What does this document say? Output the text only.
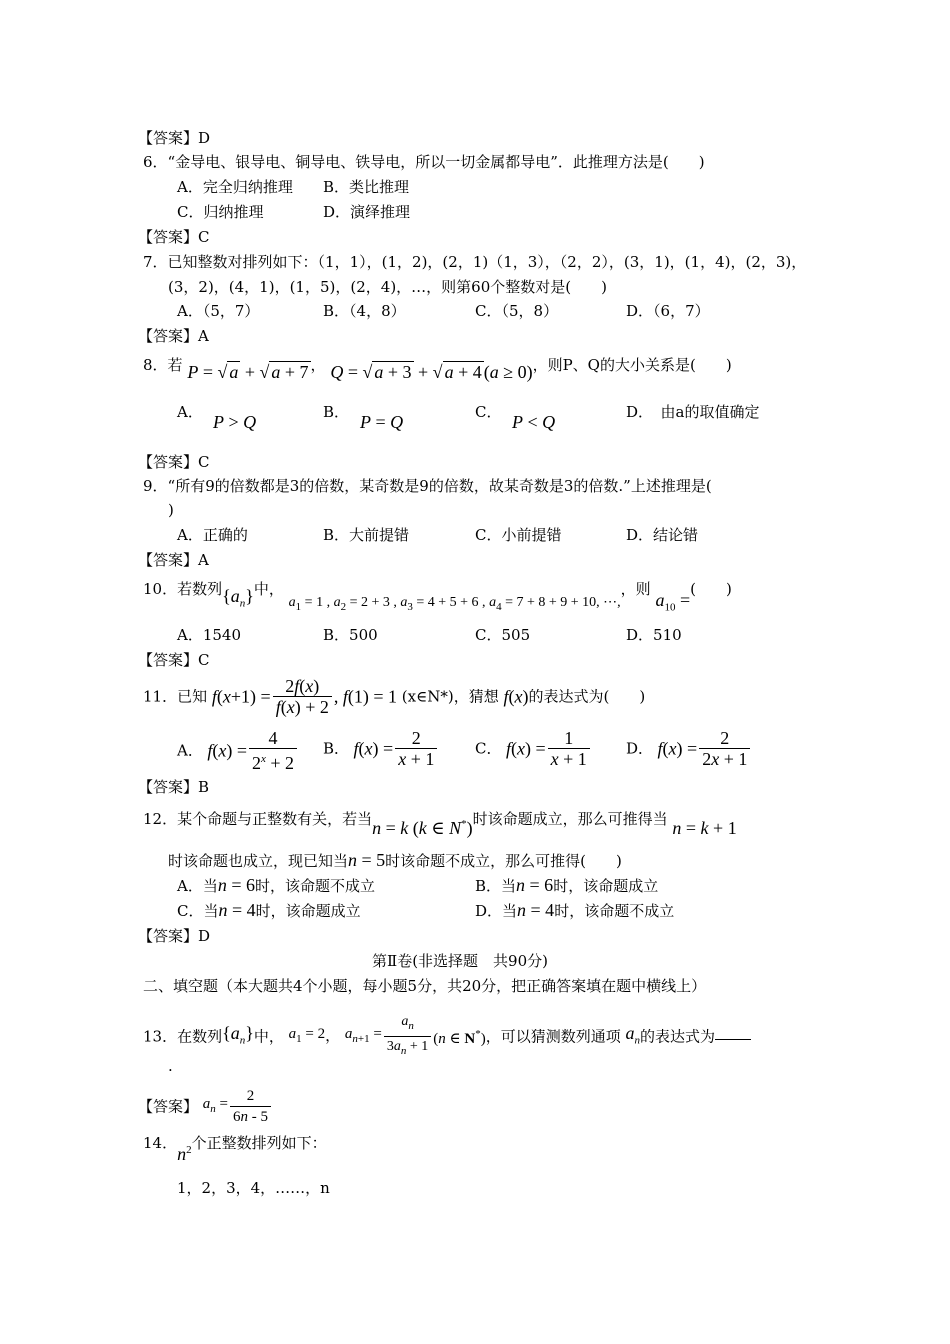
【答案】D
6．“金导电、银导电、铜导电、铁导电，所以一切金属都导电”．此推理方法是(　　)
A．完全归纳推理 B．类比推理
C．归纳推理	D．演绎推理
【答案】C
7．已知整数对排列如下：（1，1），(1，2)，(2，1)（1，3），（2，2），(3，1)，(1，4)，(2，3)，
(3，2)，(4，1)，(1，5)，(2，4)，…，则第60个整数对是(　　)
A．（5，7）	B．（4，8）	C．（5，8）	D．（6，7）
【答案】A
8．若 P = √ a + √ a + 7 ， Q = √ a + 3 + √ a + 4 (a ≥ 0)，则P、Q的大小关系是(　　)
A． P > Q	B． P = Q	C． P < Q	D．　由a的取值确定
【答案】C
9．“所有9的倍数都是3的倍数，某奇数是9的倍数，故某奇数是3的倍数.”上述推理是(
)
A．正确的	B．大前提错	C．小前提错	D．结论错
【答案】A
10．若数列$\{a_n\}$中， $a_1 = 1$ , $a_2 = 2 + 3$ , $a_3 = 4 + 5 + 6$ , $a_4 = 7 + 8 + 9 + 10$, ⋯,，则 $a_{10}$ =(　　)
A．1540	B．500	C．505	D．510
【答案】C
11．已知 $f(x+1) = \frac{2f(x)}{f(x) + 2}$ , f(1) = 1 (x∈N*)，猜想 f(x)的表达式为(　　)
A． $f(x) = \frac{4}{2^x + 2}$ B． $f(x) = \frac{2}{x + 1}$	C． $f(x) = \frac{1}{x + 1}$ D． $f(x) = \frac{2}{2x + 1}$
【答案】B
12．某个命题与正整数有关，若当n = k (k ∈ N*)时该命题成立，那么可推得当 n = k + 1
时该命题也成立，现已知当n = 5时该命题不成立，那么可推得(　　)
A．当n = 6时，该命题不成立	B．当n = 6时，该命题成立
C．当n = 4时，该命题成立	D．当n = 4时，该命题不成立
【答案】D
第Ⅱ卷(非选择题　共90分)
二、填空题（本大题共4个小题，每小题5分，共20分，把正确答案填在题中横线上）
13．在数列$\{a_n\}$中， $a_1 = 2$， $a_{n+1} = \frac{a_n}{3a_n + 1} (n$ ∈ N*)，可以猜测数列通项 $a_n$的表达式为
.
【答案】 $a_n = \frac{2}{6n - 5}$
14．$n^2$个正整数排列如下：
1，2，3，4，……，n
